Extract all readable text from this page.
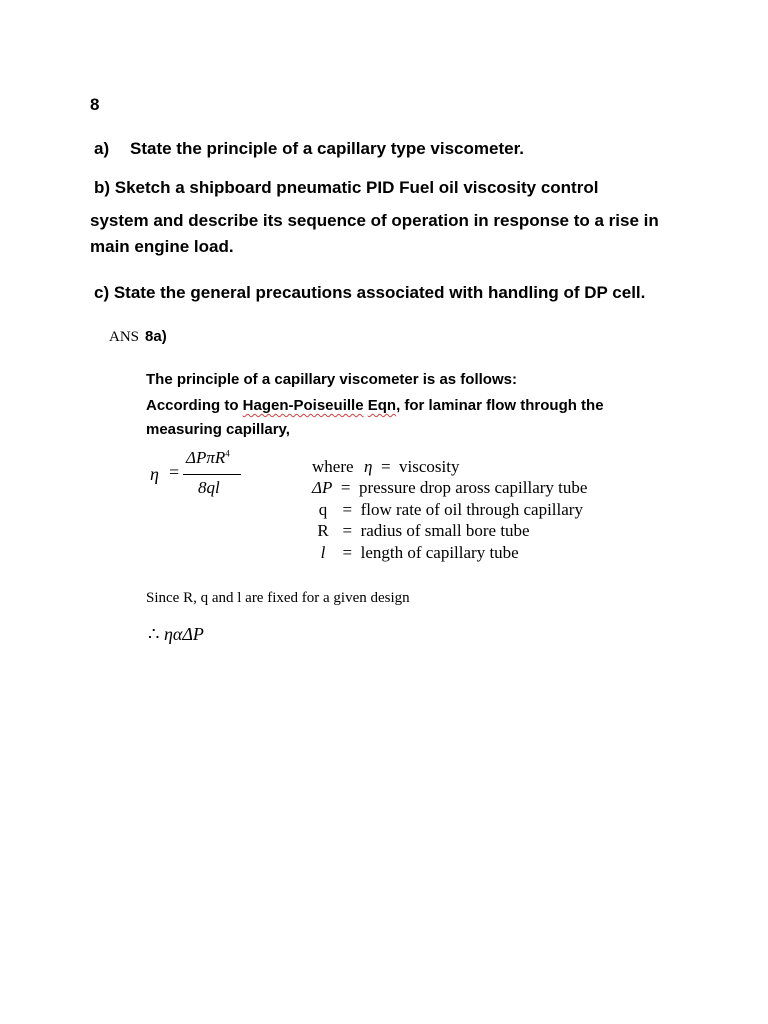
8
a) State the principle of a capillary type viscometer.
b) Sketch a shipboard pneumatic PID Fuel oil viscosity control
system and describe its sequence of operation in response to a rise in
main engine load.
c) State the general precautions associated with handling of DP cell.
ANS 8a)
The principle of a capillary viscometer is as follows:
According to Hagen-Poiseuille Eqn, for laminar flow through the
measuring capillary,
η =
ΔPπR$^4$
8ql
where	η  =  viscosity
ΔP  =  pressure drop aross capillary tube
q  =  flow rate of oil through capillary
R  =  radius of small bore tube
l  =  length of capillary tube
Since R, q and l are fixed for a given design
∴ ηαΔP
